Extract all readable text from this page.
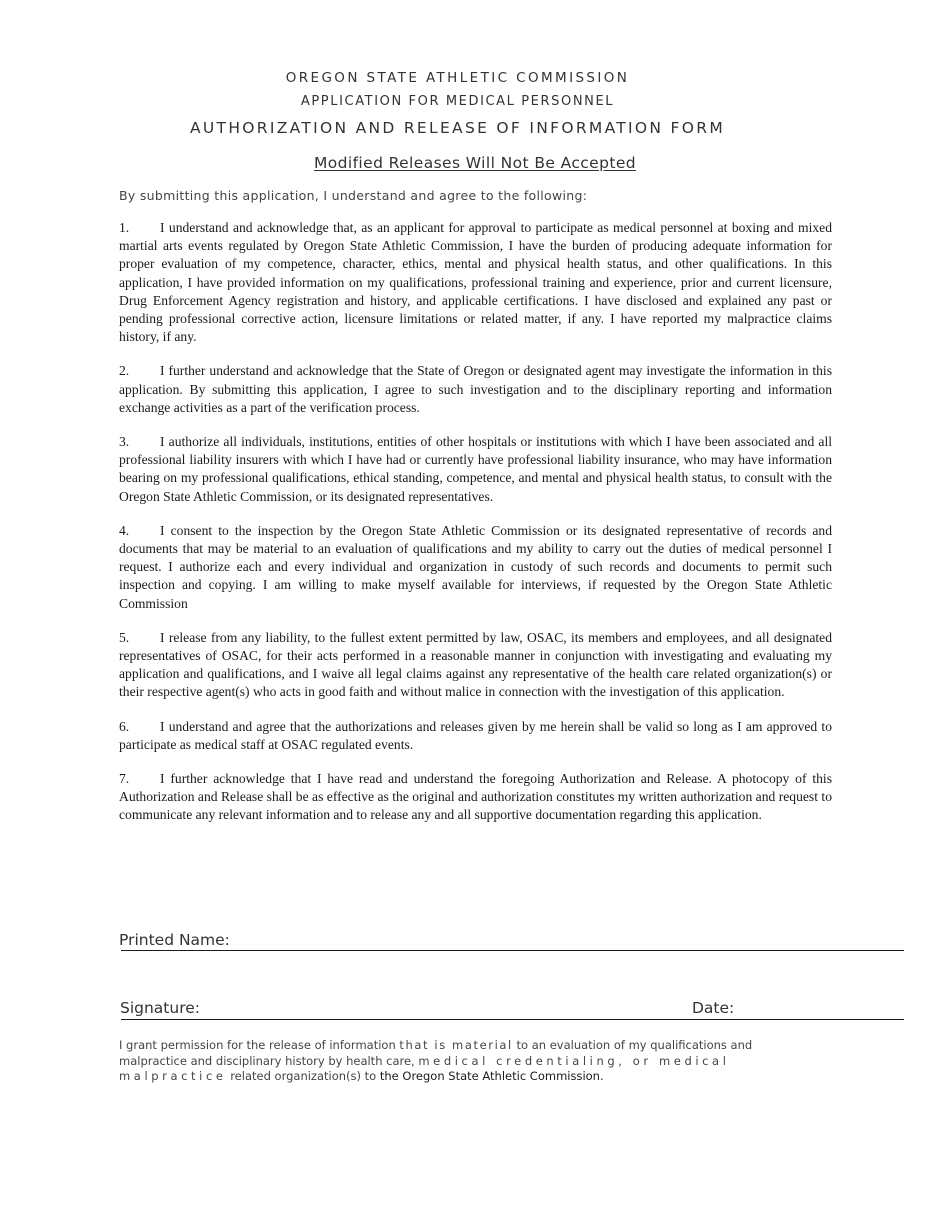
OREGON STATE ATHLETIC COMMISSION
APPLICATION FOR MEDICAL PERSONNEL
AUTHORIZATION AND RELEASE OF INFORMATION FORM
Modified Releases Will Not Be Accepted
By submitting this application, I understand and agree to the following:

1. I understand and acknowledge that, as an applicant for approval to participate as medical personnel at boxing and mixed martial arts events regulated by Oregon State Athletic Commission, I have the burden of producing adequate information for proper evaluation of my competence, character, ethics, mental and physical health status, and other qualifications. In this application, I have provided information on my qualifications, professional training and experience, prior and current licensure, Drug Enforcement Agency registration and history, and applicable certifications. I have disclosed and explained any past or pending professional corrective action, licensure limitations or related matter, if any. I have reported my malpractice claims history, if any.

2. I further understand and acknowledge that the State of Oregon or designated agent may investigate the information in this application. By submitting this application, I agree to such investigation and to the disciplinary reporting and information exchange activities as a part of the verification process.

3. I authorize all individuals, institutions, entities of other hospitals or institutions with which I have been associated and all professional liability insurers with which I have had or currently have professional liability insurance, who may have information bearing on my professional qualifications, ethical standing, competence, and mental and physical health status, to consult with the Oregon State Athletic Commission, or its designated representatives.

4. I consent to the inspection by the Oregon State Athletic Commission or its designated representative of records and documents that may be material to an evaluation of qualifications and my ability to carry out the duties of medical personnel I request. I authorize each and every individual and organization in custody of such records and documents to permit such inspection and copying. I am willing to make myself available for interviews, if requested by the Oregon State Athletic Commission

5. I release from any liability, to the fullest extent permitted by law, OSAC, its members and employees, and all designated representatives of OSAC, for their acts performed in a reasonable manner in conjunction with investigating and evaluating my application and qualifications, and I waive all legal claims against any representative of the health care related organization(s) or their respective agent(s) who acts in good faith and without malice in connection with the investigation of this application.

6. I understand and agree that the authorizations and releases given by me herein shall be valid so long as I am approved to participate as medical staff at OSAC regulated events.

7. I further acknowledge that I have read and understand the foregoing Authorization and Release. A photocopy of this Authorization and Release shall be as effective as the original and authorization constitutes my written authorization and request to communicate any relevant information and to release any and all supportive documentation regarding this application.

Printed Name:
Signature:	Date:
I grant permission for the release of information that is material to an evaluation of my qualifications and malpractice and disciplinary history by health care, medical credentialing, or medical malpractice related organization(s) to the Oregon State Athletic Commission.
